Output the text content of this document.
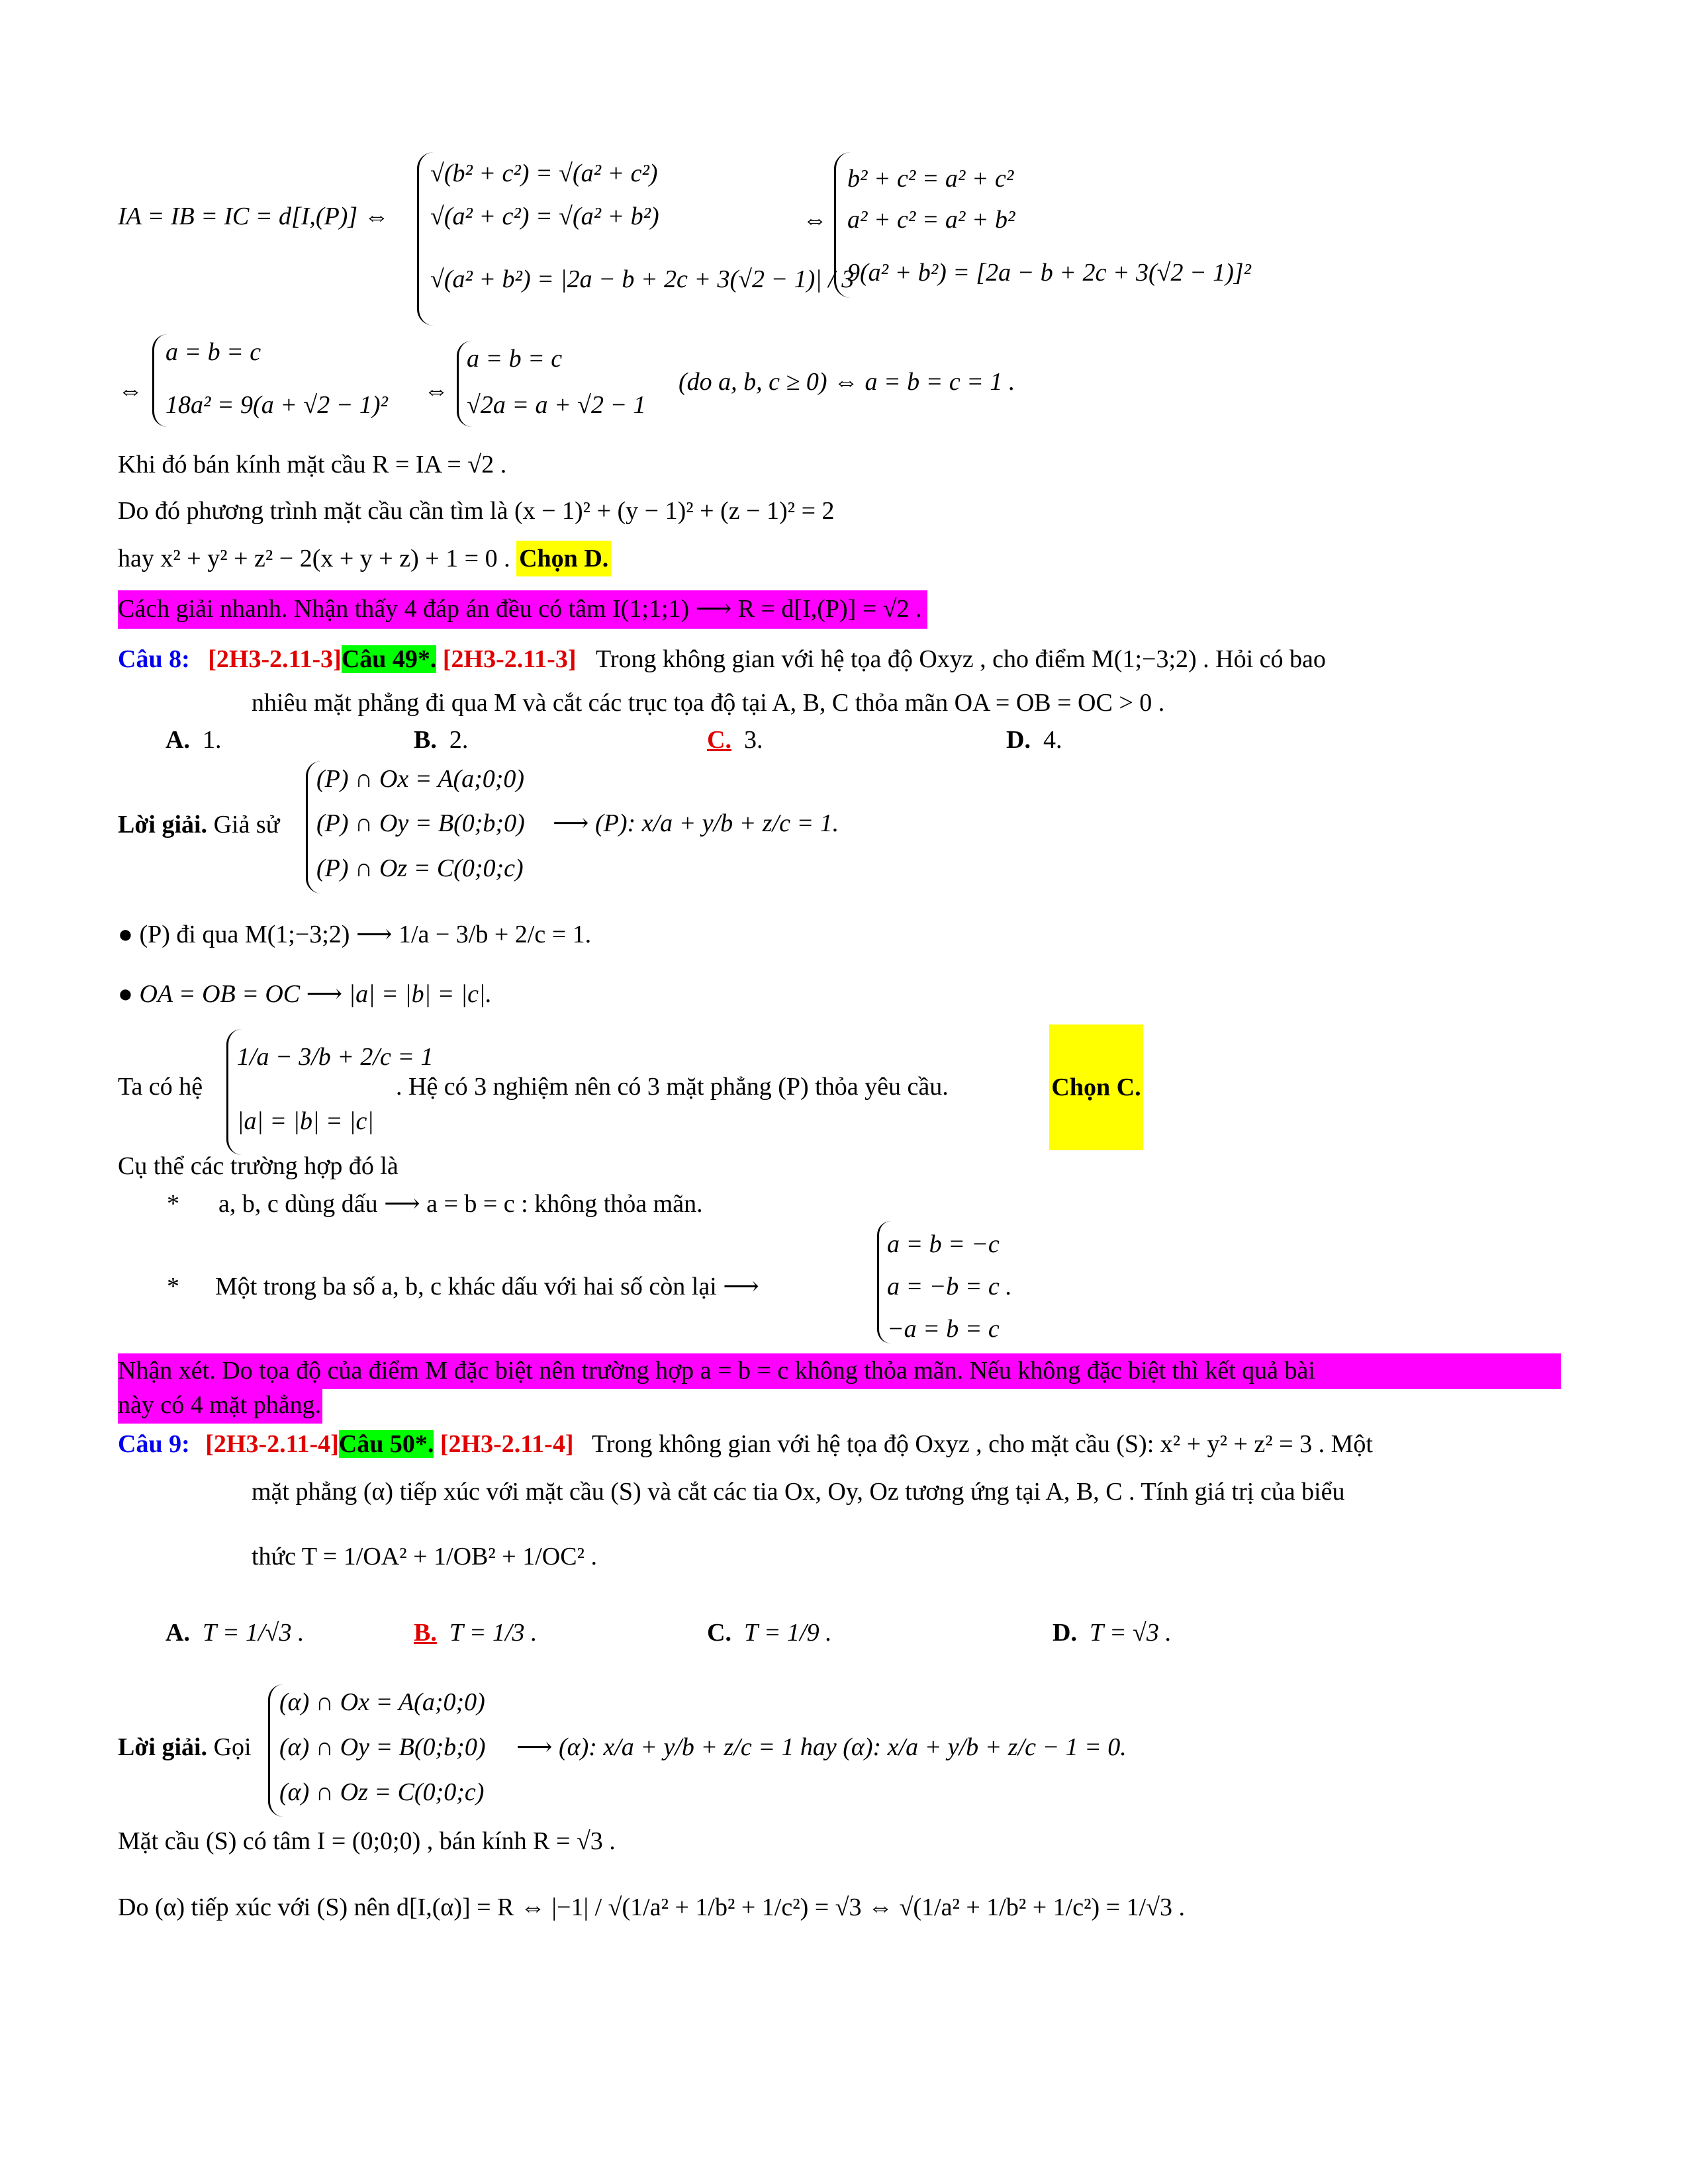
IA = IB = IC = d[I,(P)] ⇔
√(b² + c²) = √(a² + c²)
√(a² + c²) = √(a² + b²)
√(a² + b²) = |2a − b + 2c + 3(√2 − 1)| / 3
⇔
b² + c² = a² + c²
a² + c² = a² + b²
9(a² + b²) = [2a − b + 2c + 3(√2 − 1)]²
⇔
a = b = c
18a² = 9(a + √2 − 1)²
⇔
a = b = c
√2a = a + √2 − 1
(do a, b, c ≥ 0) ⇔ a = b = c = 1 .
Khi đó bán kính mặt cầu R = IA = √2 .
Do đó phương trình mặt cầu cần tìm là (x − 1)² + (y − 1)² + (z − 1)² = 2
hay x² + y² + z² − 2(x + y + z) + 1 = 0 . Chọn D.
Cách giải nhanh. Nhận thấy 4 đáp án đều có tâm I(1;1;1) ⟶ R = d[I,(P)] = √2 .
Câu 8: [2H3-2.11-3]Câu 49*. [2H3-2.11-3] Trong không gian với hệ tọa độ Oxyz , cho điểm M(1;−3;2) . Hỏi có bao
nhiêu mặt phẳng đi qua M và cắt các trục tọa độ tại A, B, C thỏa mãn OA = OB = OC > 0 .
A. 1.	B. 2.	C. 3.	D. 4.
Lời giải. Giả sử
(P) ∩ Ox = A(a;0;0)
(P) ∩ Oy = B(0;b;0)
(P) ∩ Oz = C(0;0;c)
⟶ (P): x/a + y/b + z/c = 1.
● (P) đi qua M(1;−3;2) ⟶ 1/a − 3/b + 2/c = 1.
● OA = OB = OC ⟶ |a| = |b| = |c|.
Ta có hệ
1/a − 3/b + 2/c = 1
|a| = |b| = |c|
. Hệ có 3 nghiệm nên có 3 mặt phẳng (P) thỏa yêu cầu.	Chọn C.
Cụ thể các trường hợp đó là
* a, b, c dùng dấu ⟶ a = b = c : không thỏa mãn.
* Một trong ba số a, b, c khác dấu với hai số còn lại ⟶
a = b = −c
a = −b = c .
−a = b = c
Nhận xét. Do tọa độ của điểm M đặc biệt nên trường hợp a = b = c không thỏa mãn. Nếu không đặc biệt thì kết quả bài
này có 4 mặt phẳng.
Câu 9: [2H3-2.11-4]Câu 50*. [2H3-2.11-4] Trong không gian với hệ tọa độ Oxyz , cho mặt cầu (S): x² + y² + z² = 3 . Một
mặt phẳng (α) tiếp xúc với mặt cầu (S) và cắt các tia Ox, Oy, Oz tương ứng tại A, B, C . Tính giá trị của biểu
thức T = 1/OA² + 1/OB² + 1/OC² .
A. T = 1/√3 .	B. T = 1/3 .	C. T = 1/9 .	D. T = √3 .
Lời giải. Gọi
(α) ∩ Ox = A(a;0;0)
(α) ∩ Oy = B(0;b;0)
(α) ∩ Oz = C(0;0;c)
⟶ (α): x/a + y/b + z/c = 1 hay (α): x/a + y/b + z/c − 1 = 0.
Mặt cầu (S) có tâm I = (0;0;0) , bán kính R = √3 .
Do (α) tiếp xúc với (S) nên d[I,(α)] = R ⇔ |−1| / √(1/a² + 1/b² + 1/c²) = √3 ⇔ √(1/a² + 1/b² + 1/c²) = 1/√3 .
